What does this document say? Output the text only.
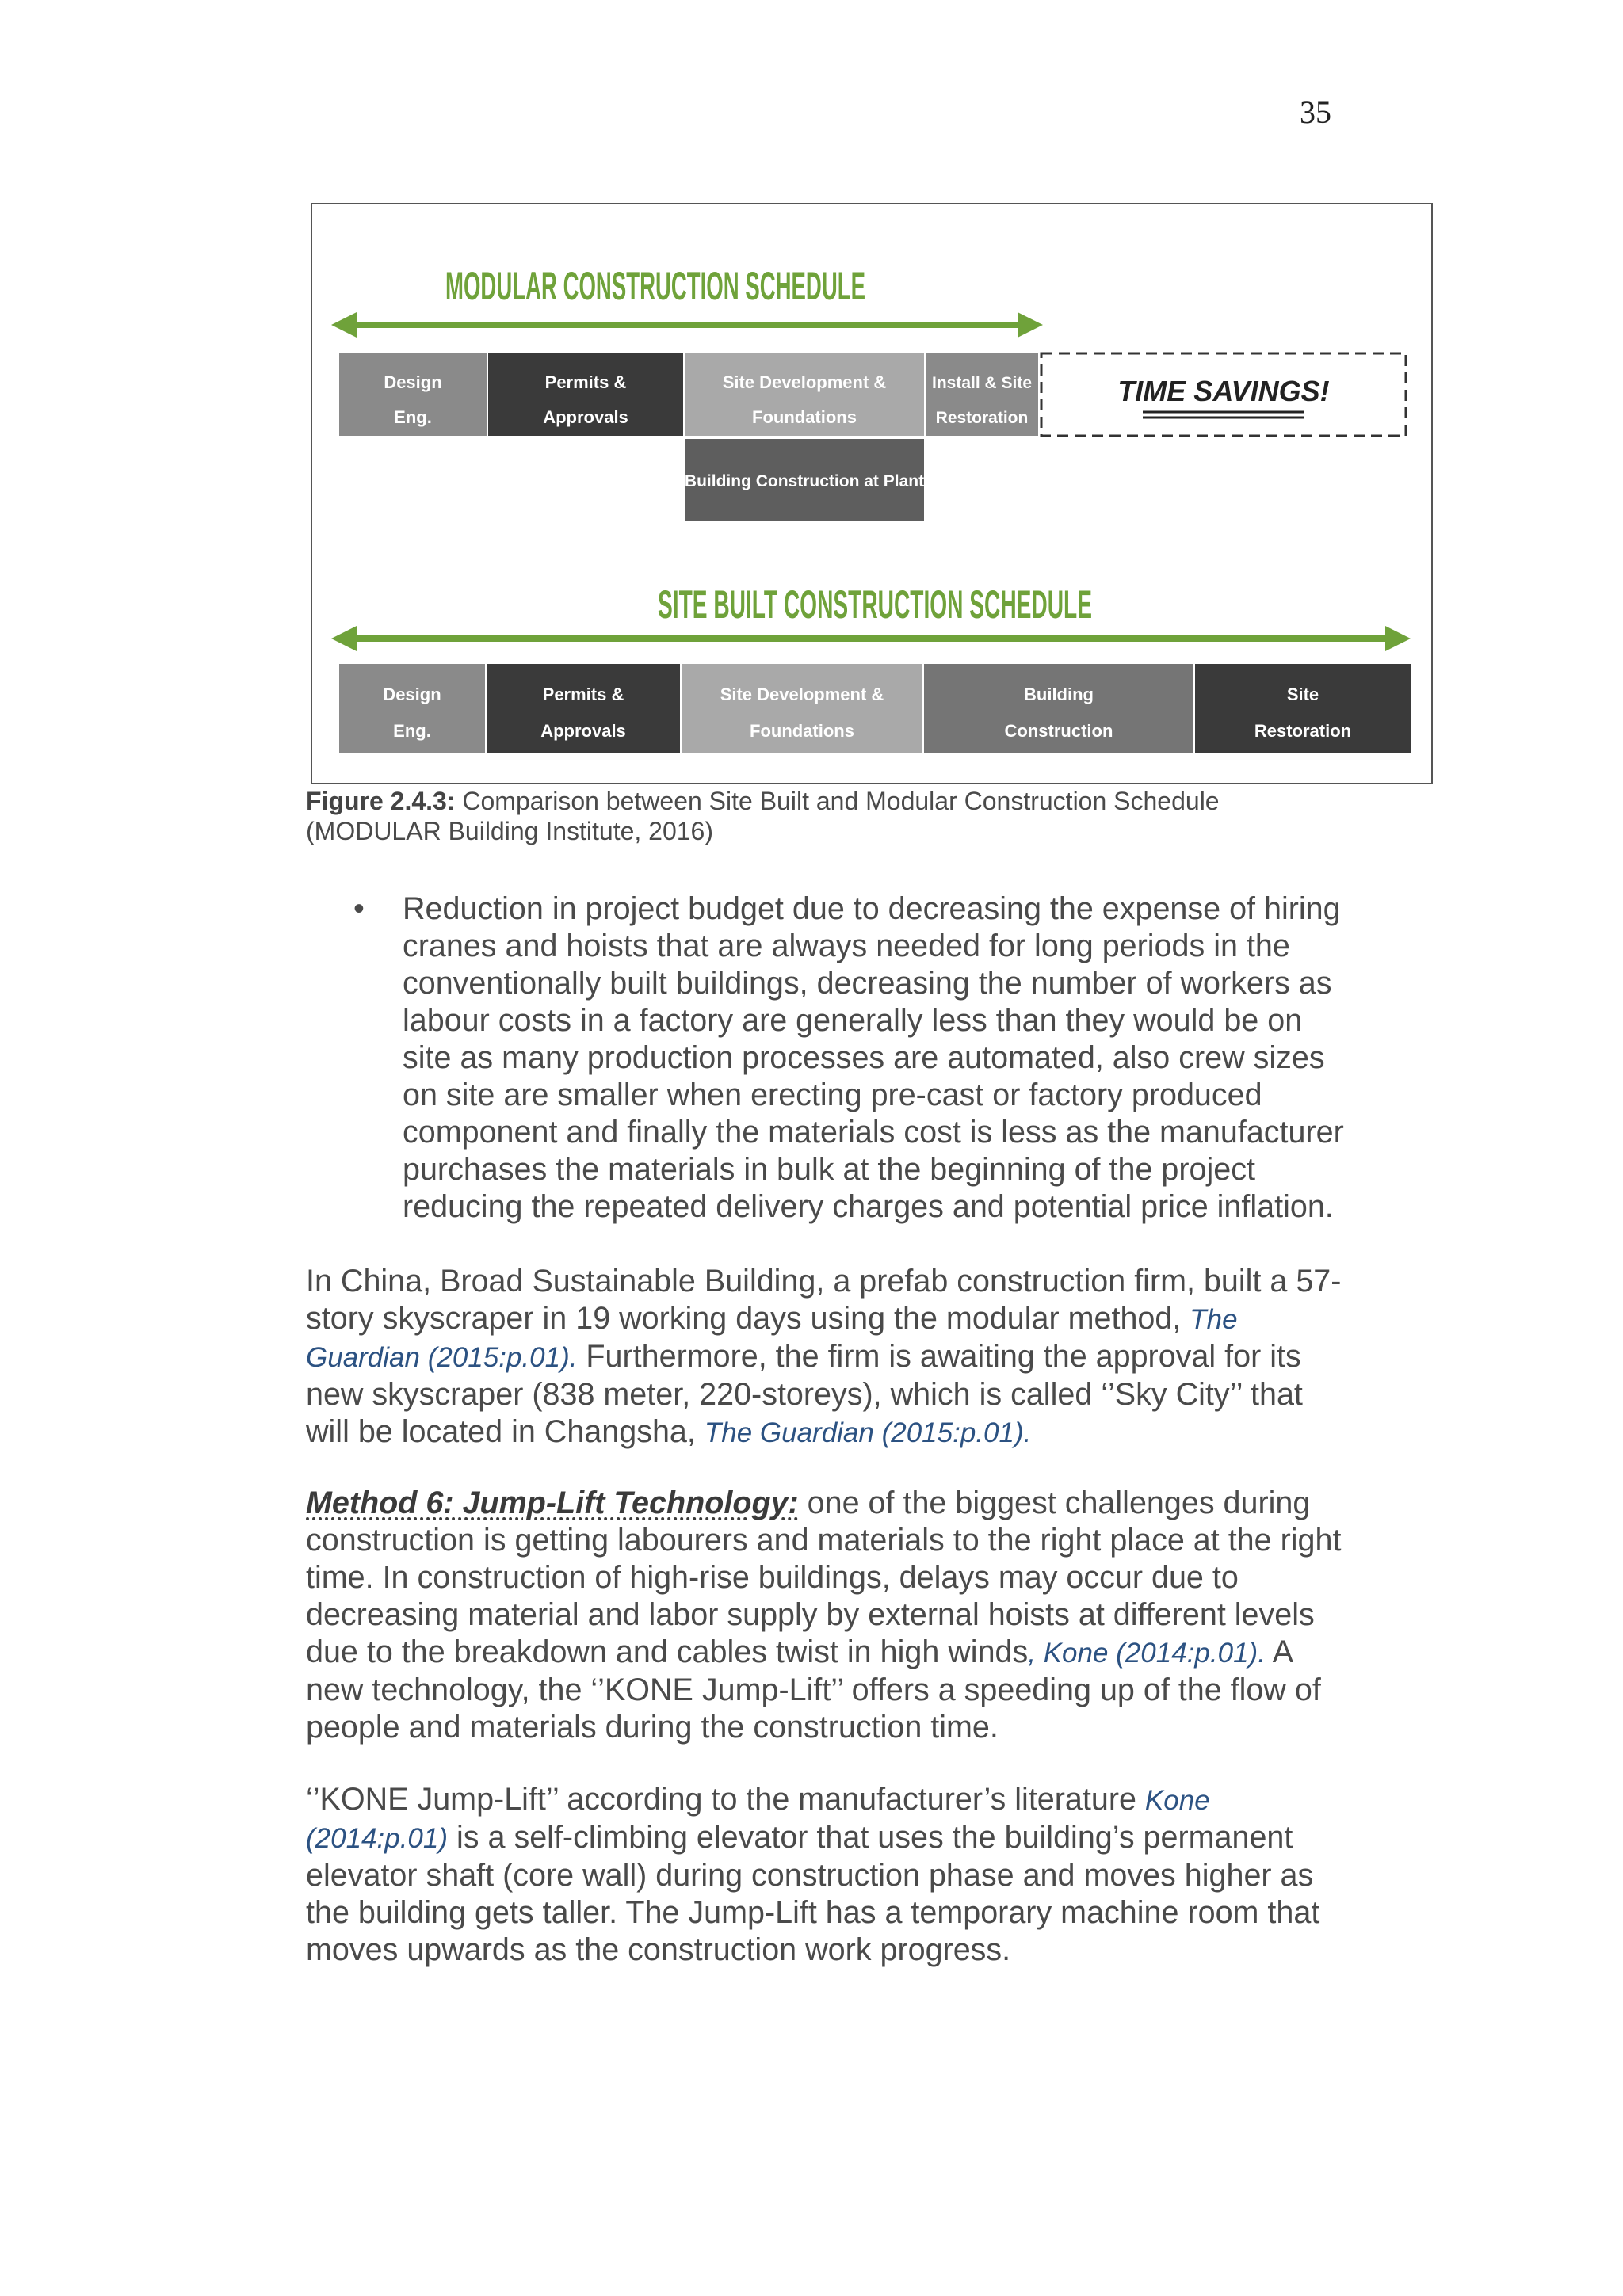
35
MODULAR CONSTRUCTION SCHEDULE
Design
Eng.
Permits &
Approvals
Site Development &
Foundations
Install & Site
Restoration
TIME SAVINGS!
Building Construction at Plant
SITE BUILT CONSTRUCTION SCHEDULE
Design
Eng.
Permits &
Approvals
Site Development &
Foundations
Building
Construction
Site
Restoration
Figure 2.4.3: Comparison between Site Built and Modular Construction Schedule
(MODULAR Building Institute, 2016)
•	Reduction in project budget due to decreasing the expense of hiring
cranes and hoists that are always needed for long periods in the
conventionally built buildings, decreasing the number of workers as
labour costs in a factory are generally less than they would be on
site as many production processes are automated, also crew sizes
on site are smaller when erecting pre-cast or factory produced
component and finally the materials cost is less as the manufacturer
purchases the materials in bulk at the beginning of the project
reducing the repeated delivery charges and potential price inflation.
In China, Broad Sustainable Building, a prefab construction firm, built a 57-
story skyscraper in 19 working days using the modular method, The
Guardian (2015:p.01). Furthermore, the firm is awaiting the approval for its
new skyscraper (838 meter, 220-storeys), which is called ‘’Sky City’’ that
will be located in Changsha, The Guardian (2015:p.01).
Method 6: Jump-Lift Technology: one of the biggest challenges during
construction is getting labourers and materials to the right place at the right
time. In construction of high-rise buildings, delays may occur due to
decreasing material and labor supply by external hoists at different levels
due to the breakdown and cables twist in high winds, Kone (2014:p.01). A
new technology, the ‘’KONE Jump-Lift’’ offers a speeding up of the flow of
people and materials during the construction time.
‘’KONE Jump-Lift’’ according to the manufacturer’s literature Kone
(2014:p.01) is a self-climbing elevator that uses the building’s permanent
elevator shaft (core wall) during construction phase and moves higher as
the building gets taller. The Jump-Lift has a temporary machine room that
moves upwards as the construction work progress.
